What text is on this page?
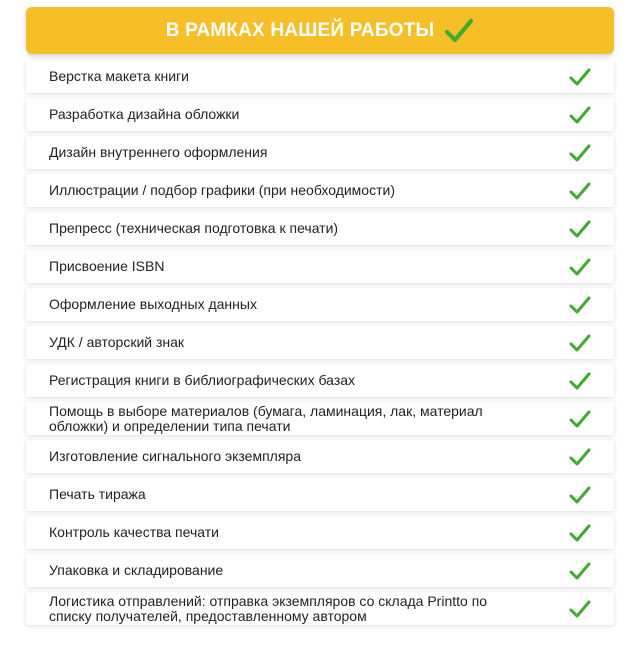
В РАМКАХ НАШЕЙ РАБОТЫ
Верстка макета книги
Разработка дизайна обложки
Дизайн внутреннего оформления
Иллюстрации / подбор графики (при необходимости)
Препресс (техническая подготовка к печати)
Присвоение ISBN
Оформление выходных данных
УДК / авторский знак
Регистрация книги в библиографических базах
Помощь в выборе материалов (бумага, ламинация, лак, материал обложки) и определении типа печати
Изготовление сигнального экземпляра
Печать тиража
Контроль качества печати
Упаковка и складирование
Логистика отправлений: отправка экземпляров со склада Printto по списку получателей, предоставленному автором
